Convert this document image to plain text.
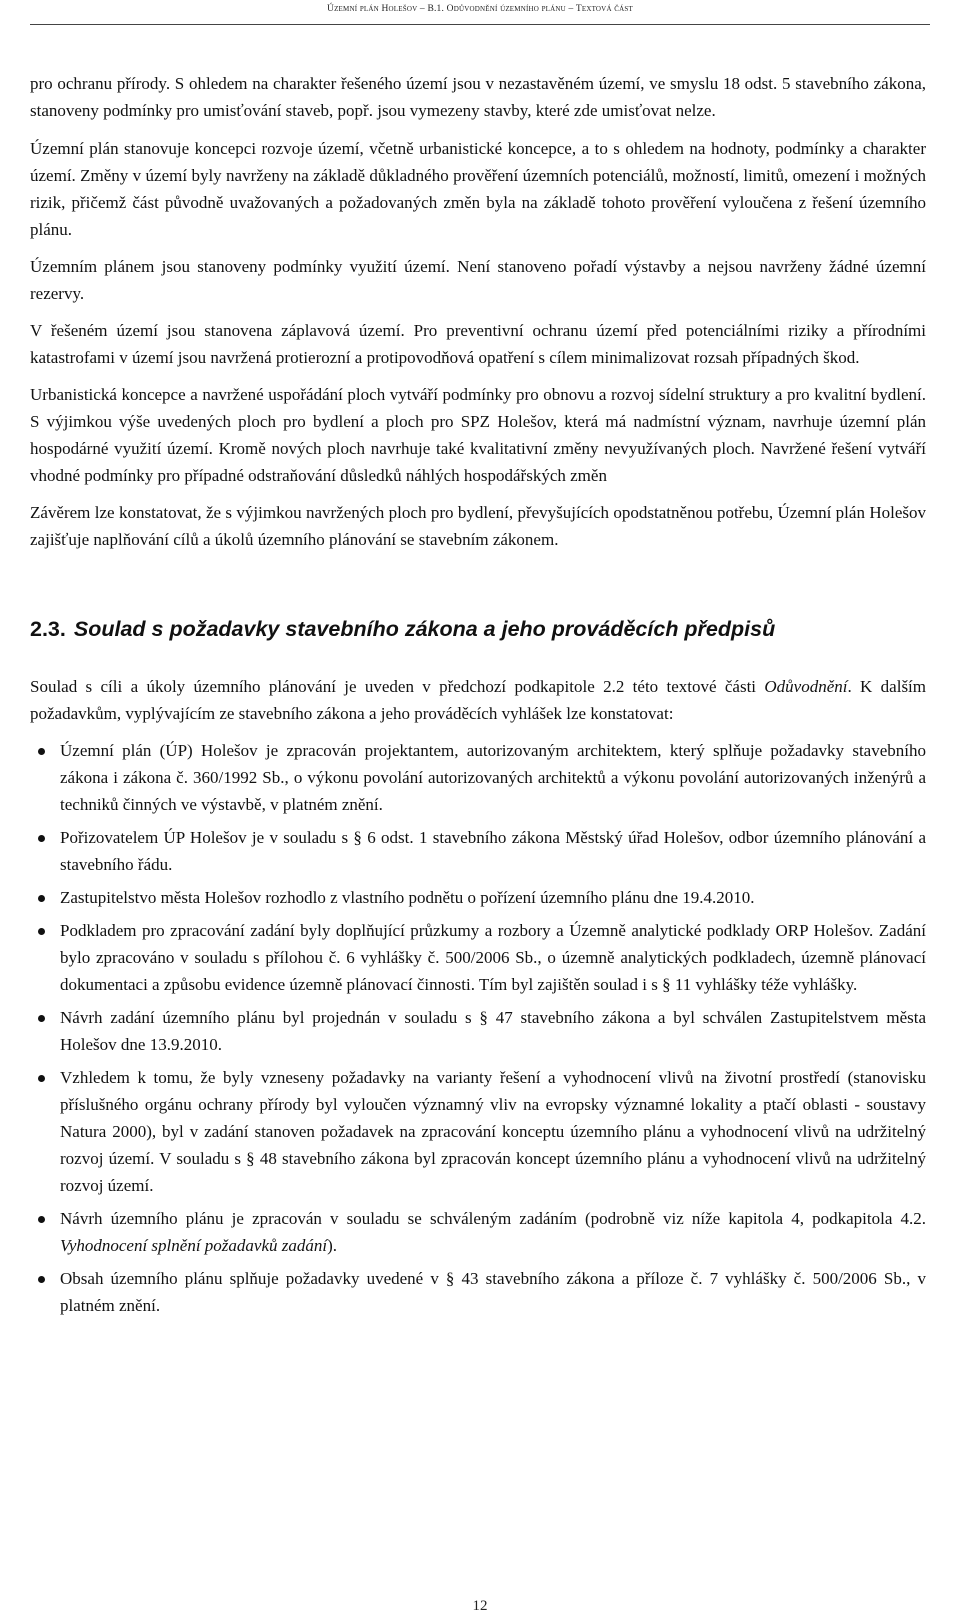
Územní plán Holešov – B.1. Odůvodnění územního plánu – Textová část

pro ochranu přírody. S ohledem na charakter řešeného území jsou v nezastavěném území, ve smyslu 18 odst. 5 stavebního zákona, stanoveny podmínky pro umisťování staveb, popř. jsou vymezeny stavby, které zde umisťovat nelze.

Územní plán stanovuje koncepci rozvoje území, včetně urbanistické koncepce, a to s ohledem na hodnoty, podmínky a charakter území. Změny v území byly navrženy na základě důkladného prověření územních potenciálů, možností, limitů, omezení i možných rizik, přičemž část původně uvažovaných a požadovaných změn byla na základě tohoto prověření vyloučena z řešení územního plánu.

Územním plánem jsou stanoveny podmínky využití území. Není stanoveno pořadí výstavby a nejsou navrženy žádné územní rezervy.

V řešeném území jsou stanovena záplavová území. Pro preventivní ochranu území před potenciálními riziky a přírodními katastrofami v území jsou navržená protierozní a protipovodňová opatření s cílem minimalizovat rozsah případných škod.

Urbanistická koncepce a navržené uspořádání ploch vytváří podmínky pro obnovu a rozvoj sídelní struktury a pro kvalitní bydlení. S výjimkou výše uvedených ploch pro bydlení a ploch pro SPZ Holešov, která má nadmístní význam, navrhuje územní plán hospodárné využití území. Kromě nových ploch navrhuje také kvalitativní změny nevyužívaných ploch. Navržené řešení vytváří vhodné podmínky pro případné odstraňování důsledků náhlých hospodářských změn

Závěrem lze konstatovat, že s výjimkou navržených ploch pro bydlení, převyšujících opodstatněnou potřebu, Územní plán Holešov zajišťuje naplňování cílů a úkolů územního plánování se stavebním zákonem.

2.3. Soulad s požadavky stavebního zákona a jeho prováděcích předpisů

Soulad s cíli a úkoly územního plánování je uveden v předchozí podkapitole 2.2 této textové části Odůvodnění. K dalším požadavkům, vyplývajícím ze stavebního zákona a jeho prováděcích vyhlášek lze konstatovat:

Územní plán (ÚP) Holešov je zpracován projektantem, autorizovaným architektem, který splňuje požadavky stavebního zákona i zákona č. 360/1992 Sb., o výkonu povolání autorizovaných architektů a výkonu povolání autorizovaných inženýrů a techniků činných ve výstavbě, v platném znění.
Pořizovatelem ÚP Holešov je v souladu s § 6 odst. 1 stavebního zákona Městský úřad Holešov, odbor územního plánování a stavebního řádu.
Zastupitelstvo města Holešov rozhodlo z vlastního podnětu o pořízení územního plánu dne 19.4.2010.
Podkladem pro zpracování zadání byly doplňující průzkumy a rozbory a Územně analytické podklady ORP Holešov. Zadání bylo zpracováno v souladu s přílohou č. 6 vyhlášky č. 500/2006 Sb., o územně analytických podkladech, územně plánovací dokumentaci a způsobu evidence územně plánovací činnosti. Tím byl zajištěn soulad i s § 11 vyhlášky téže vyhlášky.
Návrh zadání územního plánu byl projednán v souladu s § 47 stavebního zákona a byl schválen Zastupitelstvem města Holešov dne 13.9.2010.
Vzhledem k tomu, že byly vzneseny požadavky na varianty řešení a vyhodnocení vlivů na životní prostředí (stanovisku příslušného orgánu ochrany přírody byl vyloučen významný vliv na evropsky významné lokality a ptačí oblasti - soustavy Natura 2000), byl v zadání stanoven požadavek na zpracování konceptu územního plánu a vyhodnocení vlivů na udržitelný rozvoj území. V souladu s § 48 stavebního zákona byl zpracován koncept územního plánu a vyhodnocení vlivů na udržitelný rozvoj území.
Návrh územního plánu je zpracován v souladu se schváleným zadáním (podrobně viz níže kapitola 4, podkapitola 4.2. Vyhodnocení splnění požadavků zadání).
Obsah územního plánu splňuje požadavky uvedené v § 43 stavebního zákona a příloze č. 7 vyhlášky č. 500/2006 Sb., v platném znění.
12
